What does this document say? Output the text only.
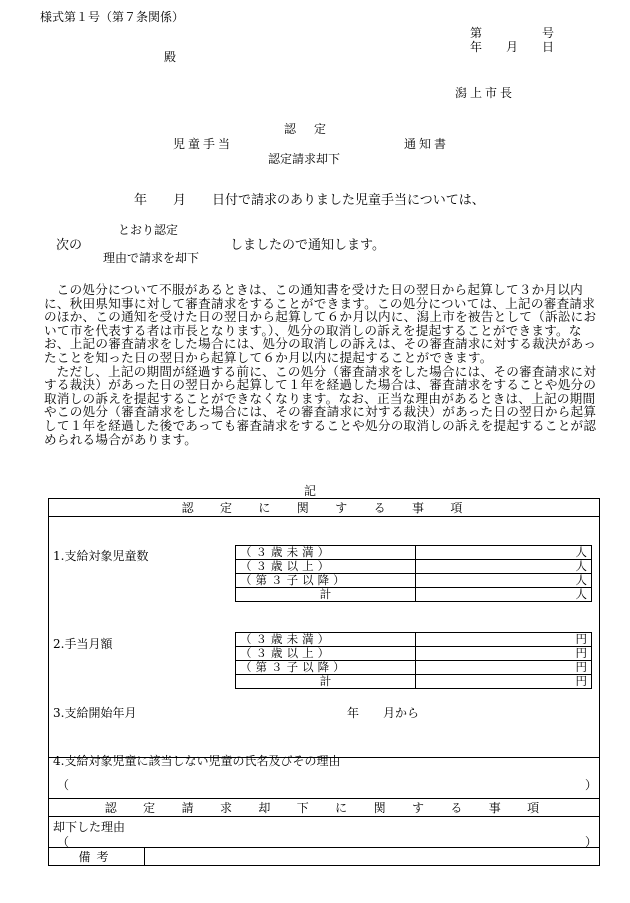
様式第１号（第７条関係）
第　　　　　号
年　　月　　日
殿
潟上市長
認　定
児童手当	通知書
認定請求却下
年　　月　　日付で請求のありました児童手当については、
とおり認定
次の	しましたので通知します。
理由で請求を却下

この処分について不服があるときは、この通知書を受けた日の翌日から起算して３か月以内に、秋田県知事に対して審査請求をすることができます。この処分については、上記の審査請求のほか、この通知を受けた日の翌日から起算して６か月以内に、潟上市を被告として（訴訟において市を代表する者は市長となります。）、処分の取消しの訴えを提起することができます。なお、上記の審査請求をした場合には、処分の取消しの訴えは、その審査請求に対する裁決があったことを知った日の翌日から起算して６か月以内に提起することができます。

ただし、上記の期間が経過する前に、この処分（審査請求をした場合には、その審査請求に対する裁決）があった日の翌日から起算して１年を経過した場合は、審査請求をすることや処分の取消しの訴えを提起することができなくなります。なお、正当な理由があるときは、上記の期間やこの処分（審査請求をした場合には、その審査請求に対する裁決）があった日の翌日から起算して１年を経過した後であっても審査請求をすることや処分の取消しの訴えを提起することが認められる場合があります。

記
認定に関する事項

1.支給対象児童数	（３歳未満）	人
（３歳以上）	人
（第３子以降）	人
計	人
2.手当月額	（３歳未満）	円
（３歳以上）	円
（第３子以降）	円
計	円
3.支給開始年月	年　　月から
4.支給対象児童に該当しない児童の氏名及びその理由
（	）

認定請求却下に関する事項

却下した理由
（	）

備考	
